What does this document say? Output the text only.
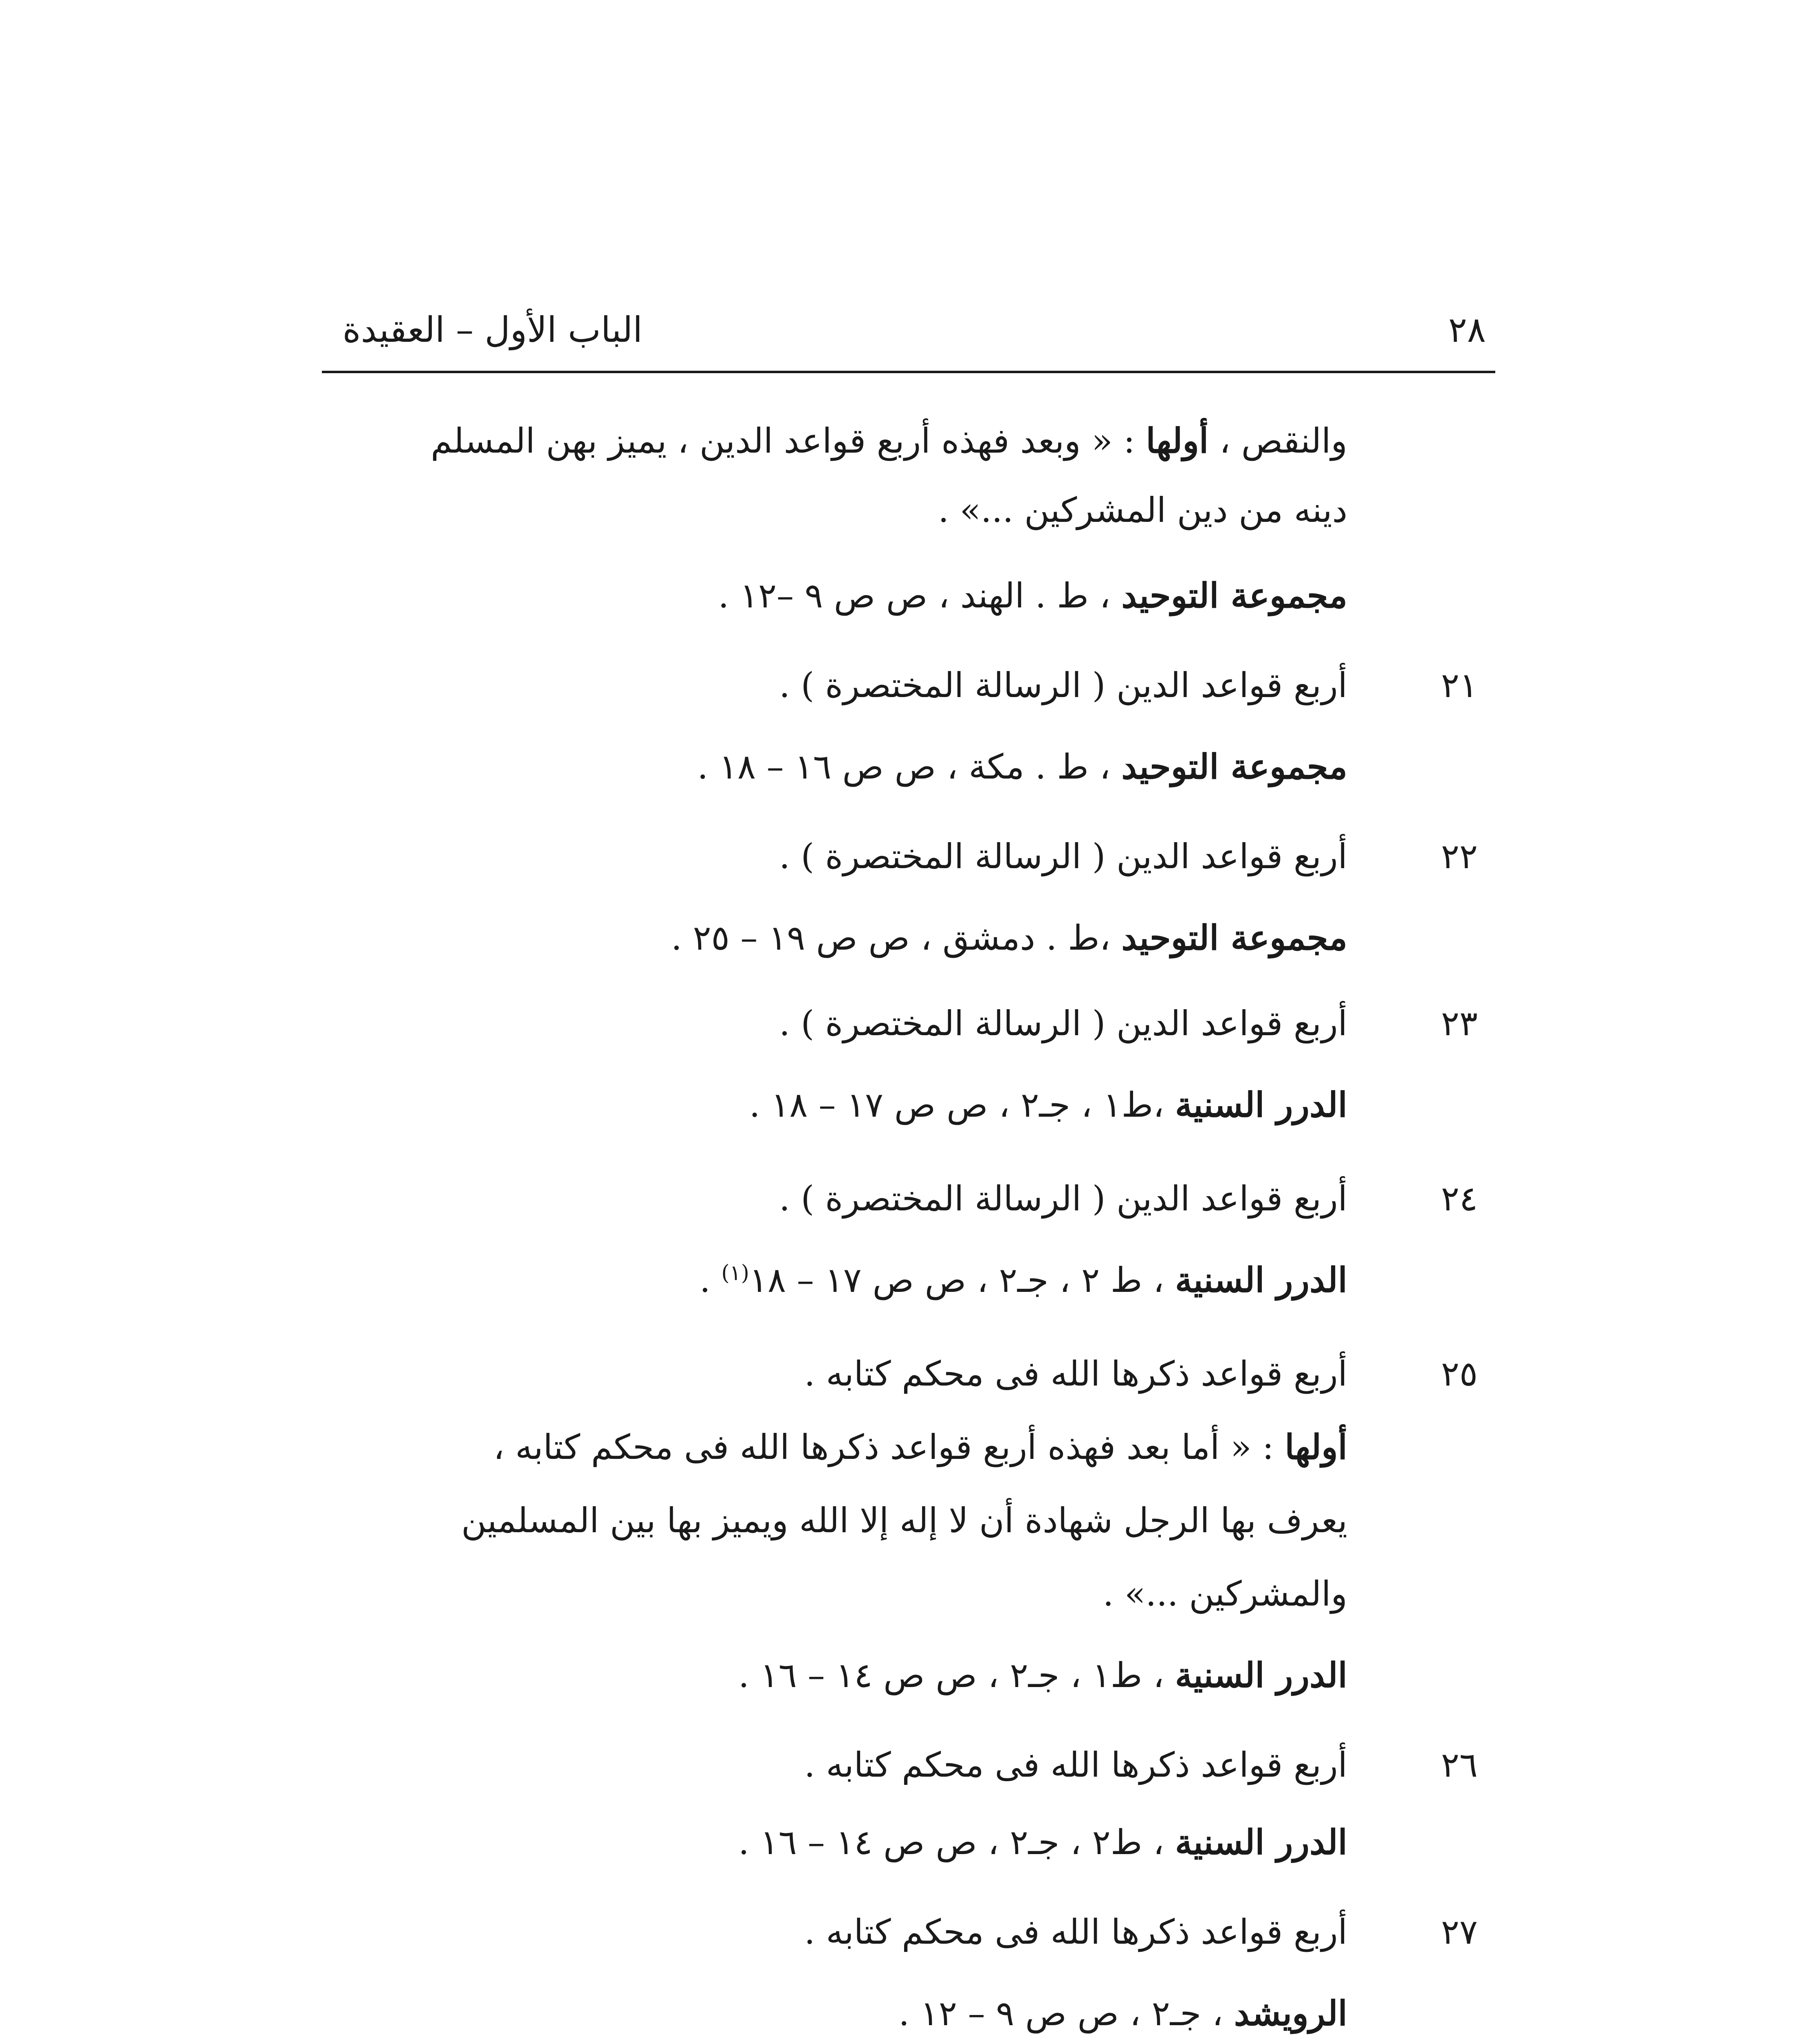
٢٨
الباب الأول – العقيدة
والنقص ، أولها : « وبعد فهذه أربع قواعد الدين ، يميز بهن المسلم
دينه من دين المشركين ...» .
مجموعة التوحيد ، ط . الهند ، ص ص ٩ –١٢ .
٢١
أربع قواعد الدين ( الرسالة المختصرة ) .
مجموعة التوحيد ، ط . مكة ، ص ص ١٦ – ١٨ .
٢٢
أربع قواعد الدين ( الرسالة المختصرة ) .
مجموعة التوحيد ،ط . دمشق ، ص ص ١٩ – ٢٥ .
٢٣
أربع قواعد الدين ( الرسالة المختصرة ) .
الدرر السنية ،ط١ ، جـ٢ ، ص ص ١٧ – ١٨ .
٢٤
أربع قواعد الدين ( الرسالة المختصرة ) .
الدرر السنية ، ط ٢ ، جـ٢ ، ص ص ١٧ – ١٨$^{(١)}$ .
٢٥
أربع قواعد ذكرها الله فى محكم كتابه .
أولها : « أما بعد فهذه أربع قواعد ذكرها الله فى محكم كتابه ،
يعرف بها الرجل شهادة أن لا إله إلا الله ويميز بها بين المسلمين
والمشركين ...» .
الدرر السنية ، ط١ ، جـ٢ ، ص ص ١٤ – ١٦ .
٢٦
أربع قواعد ذكرها الله فى محكم كتابه .
الدرر السنية ، ط٢ ، جـ٢ ، ص ص ١٤ – ١٦ .
٢٧
أربع قواعد ذكرها الله فى محكم كتابه .
الرويشد ، جـ٢ ، ص ص ٩ – ١٢ .
